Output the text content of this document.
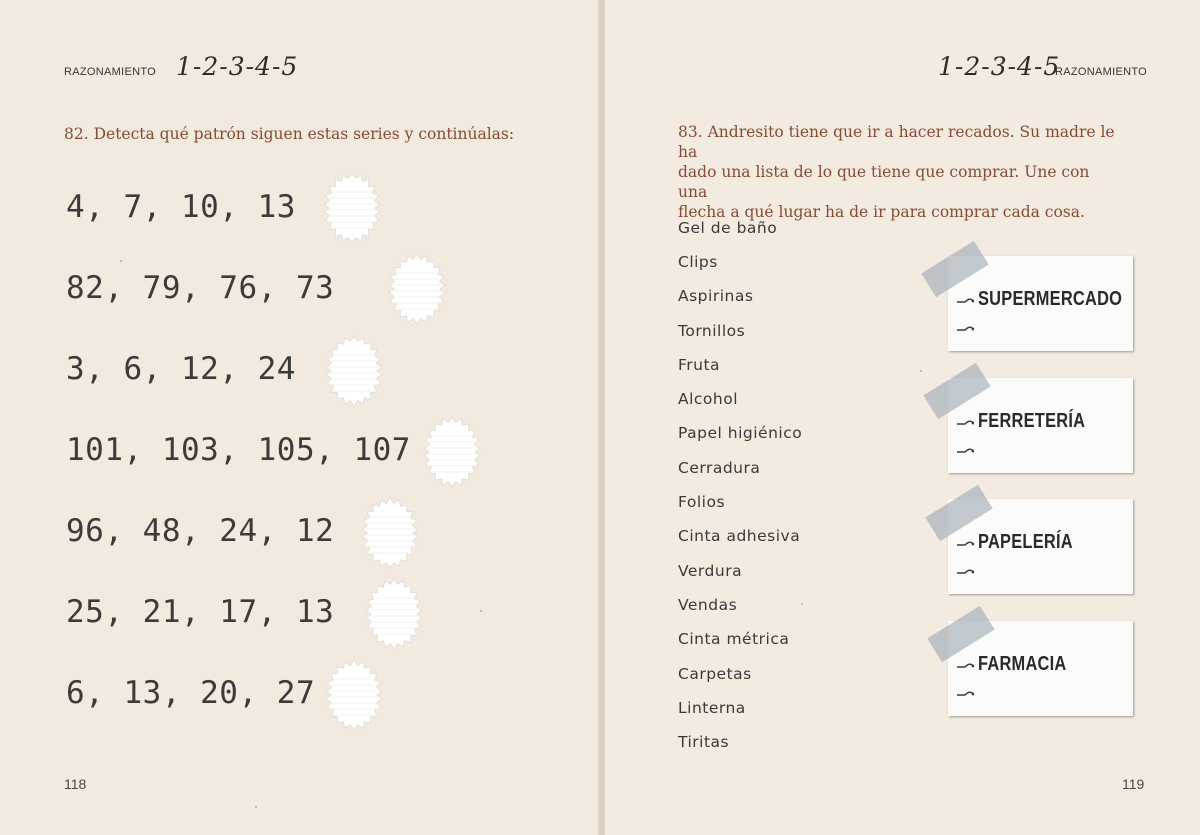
RAZONAMIENTO 1-2-3-4-5
82. Detecta qué patrón siguen estas series y continúalas:
4, 7, 10, 13
82, 79, 76, 73
3, 6, 12, 24
101, 103, 105, 107
96, 48, 24, 12
25, 21, 17, 13
6, 13, 20, 27
118
1-2-3-4-5
RAZONAMIENTO
83. Andresito tiene que ir a hacer recados. Su madre le ha
dado una lista de lo que tiene que comprar. Une con una
flecha a qué lugar ha de ir para comprar cada cosa.
Gel de baño
Clips
Aspirinas
Tornillos
Fruta
Alcohol
Papel higiénico
Cerradura
Folios
Cinta adhesiva
Verdura
Vendas
Cinta métrica
Carpetas
Linterna
Tiritas
SUPERMERCADO
FERRETERÍA
PAPELERÍA
FARMACIA
119
